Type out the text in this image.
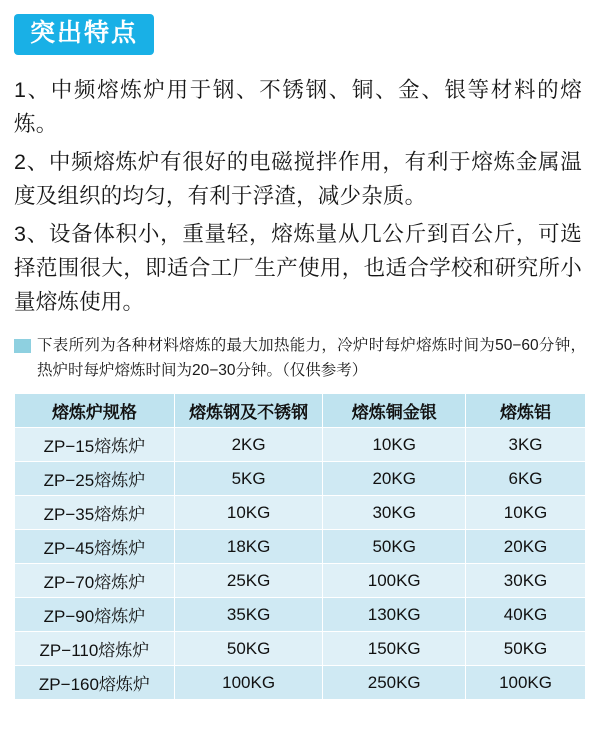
突出特点

1、中频熔炼炉用于钢、不锈钢、铜、金、银等材料的熔炼。

2、中频熔炼炉有很好的电磁搅拌作用，有利于熔炼金属温度及组织的均匀，有利于浮渣，减少杂质。

3、设备体积小，重量轻，熔炼量从几公斤到百公斤，可选择范围很大，即适合工厂生产使用，也适合学校和研究所小量熔炼使用。

下表所列为各种材料熔炼的最大加热能力，冷炉时每炉熔炼时间为50−60分钟，热炉时每炉熔炼时间为20−30分钟。（仅供参考）
熔炼炉规格	熔炼钢及不锈钢	熔炼铜金银	熔炼铝
ZP−15熔炼炉	2KG	10KG	3KG
ZP−25熔炼炉	5KG	20KG	6KG
ZP−35熔炼炉	10KG	30KG	10KG
ZP−45熔炼炉	18KG	50KG	20KG
ZP−70熔炼炉	25KG	100KG	30KG
ZP−90熔炼炉	35KG	130KG	40KG
ZP−110熔炼炉	50KG	150KG	50KG
ZP−160熔炼炉	100KG	250KG	100KG
